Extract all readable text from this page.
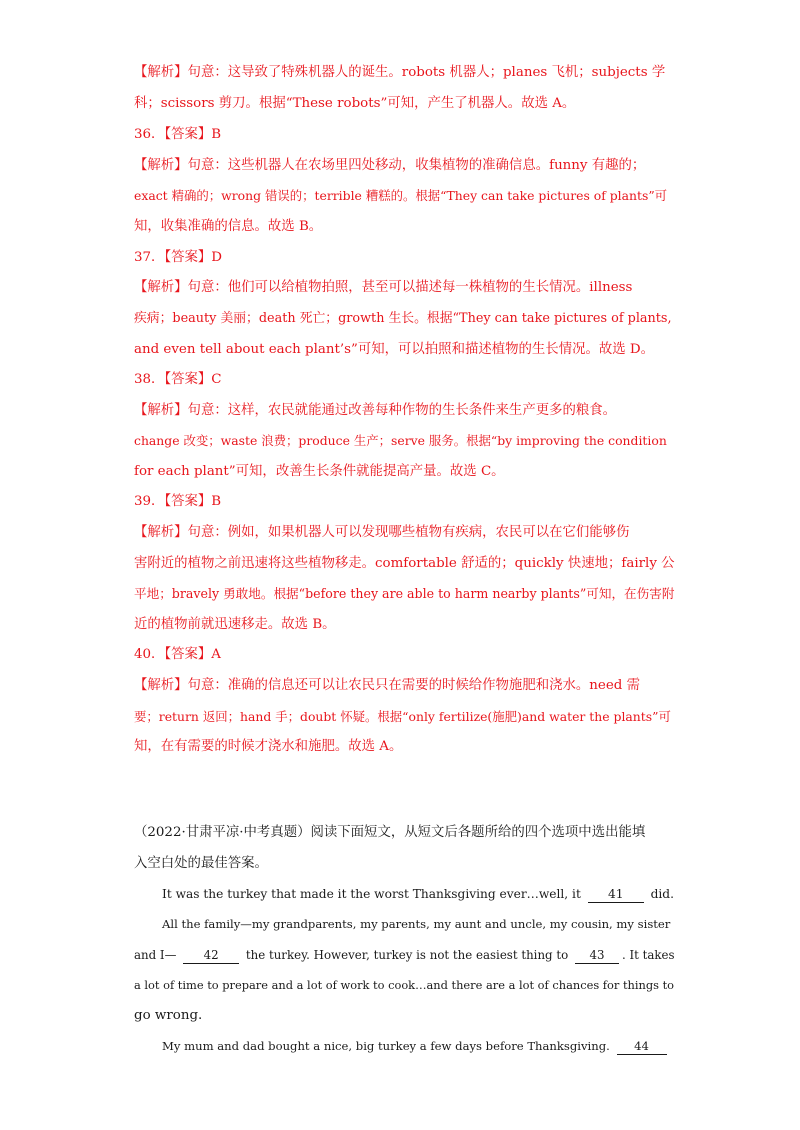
【解析】句意：这导致了特殊机器人的诞生。robots 机器人；planes 飞机；subjects 学
科；scissors 剪刀。根据“These robots”可知，产生了机器人。故选 A。
36．【答案】B
【解析】句意：这些机器人在农场里四处移动，收集植物的准确信息。funny 有趣的；
exact 精确的；wrong 错误的；terrible 糟糕的。根据“They can take pictures of plants”可
知，收集准确的信息。故选 B。
37．【答案】D
【解析】句意：他们可以给植物拍照，甚至可以描述每一株植物的生长情况。illness
疾病；beauty 美丽；death 死亡；growth 生长。根据“They can take pictures of plants,
and even tell about each plant’s”可知，可以拍照和描述植物的生长情况。故选 D。
38．【答案】C
【解析】句意：这样，农民就能通过改善每种作物的生长条件来生产更多的粮食。
change 改变；waste 浪费；produce 生产；serve 服务。根据“by improving the condition
for each plant”可知，改善生长条件就能提高产量。故选 C。
39．【答案】B
【解析】句意：例如，如果机器人可以发现哪些植物有疾病，农民可以在它们能够伤
害附近的植物之前迅速将这些植物移走。comfortable 舒适的；quickly 快速地；fairly 公
平地；bravely 勇敢地。根据“before they are able to harm nearby plants”可知，在伤害附
近的植物前就迅速移走。故选 B。
40．【答案】A
【解析】句意：准确的信息还可以让农民只在需要的时候给作物施肥和浇水。need 需
要；return 返回；hand 手；doubt 怀疑。根据“only fertilize(施肥)and water the plants”可
知，在有需要的时候才浇水和施肥。故选 A。
（2022·甘肃平凉·中考真题）阅读下面短文，从短文后各题所给的四个选项中选出能填
入空白处的最佳答案。
It was the turkey that made it the worst Thanksgiving ever…well, it 41 did.
All the family—my grandparents, my parents, my aunt and uncle, my cousin, my sister
and I— 42 the turkey. However, turkey is not the easiest thing to 43 . It takes
a lot of time to prepare and a lot of work to cook…and there are a lot of chances for things to
go wrong.
My mum and dad bought a nice, big turkey a few days before Thanksgiving. 44
